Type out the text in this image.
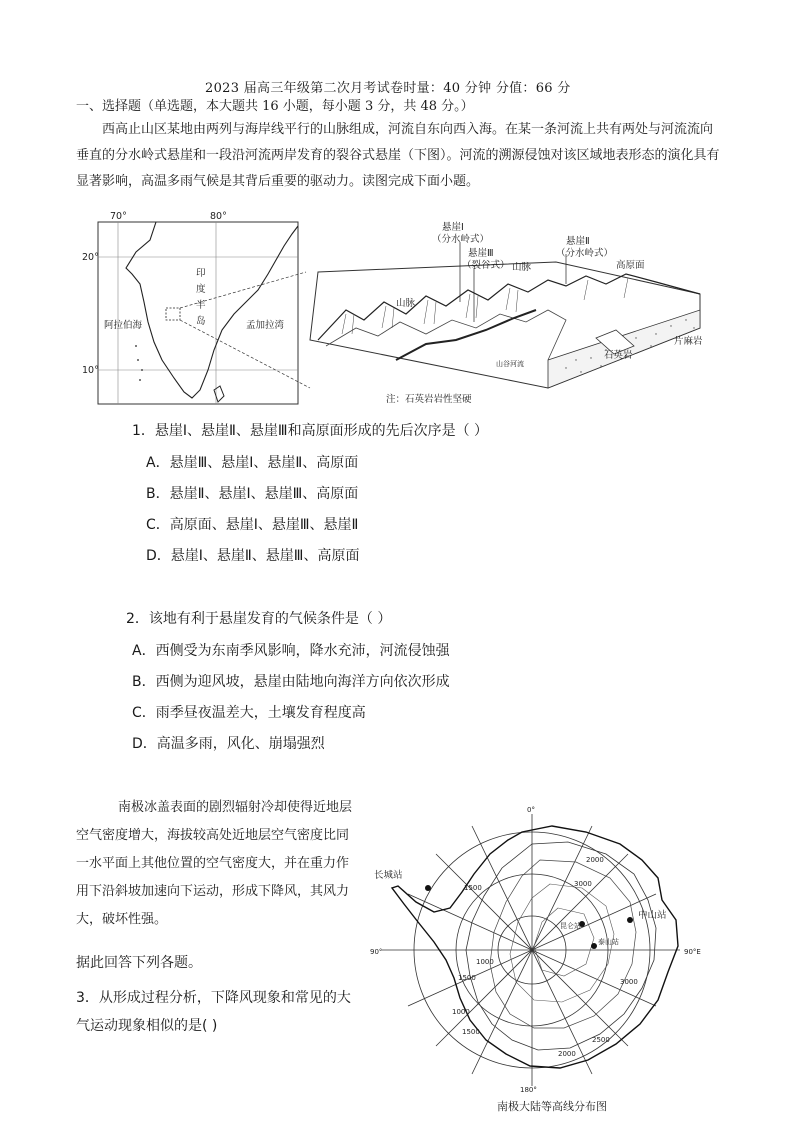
2023 届高三年级第二次月考试卷时量：40 分钟 分值：66 分
一、选择题（单选题，本大题共 16 小题，每小题 3 分，共 48 分。）
西高止山区某地由两列与海岸线平行的山脉组成，河流自东向西入海。在某一条河流上共有两处与河流流向垂直的分水岭式悬崖和一段沿河流两岸发育的裂谷式悬崖（下图）。河流的溯源侵蚀对该区域地表形态的演化具有显著影响，高温多雨气候是其背后重要的驱动力。读图完成下面小题。
70°	80°
20°
10°
印
度
半
岛
阿拉伯海	孟加拉湾
悬崖Ⅰ
（分水岭式）
悬崖Ⅲ
（裂谷式）
悬崖Ⅱ
（分水岭式）
山脉
山脉
高原面
片麻岩
石英岩
山谷河流
注：石英岩岩性坚硬
1．悬崖Ⅰ、悬崖Ⅱ、悬崖Ⅲ和高原面形成的先后次序是（ ）
A．悬崖Ⅲ、悬崖Ⅰ、悬崖Ⅱ、高原面
B．悬崖Ⅱ、悬崖Ⅰ、悬崖Ⅲ、高原面
C．高原面、悬崖Ⅰ、悬崖Ⅲ、悬崖Ⅱ
D．悬崖Ⅰ、悬崖Ⅱ、悬崖Ⅲ、高原面
2．该地有利于悬崖发育的气候条件是（ ）
A．西侧受为东南季风影响，降水充沛，河流侵蚀强
B．西侧为迎风坡，悬崖由陆地向海洋方向依次形成
C．雨季昼夜温差大，土壤发育程度高
D．高温多雨，风化、崩塌强烈
南极冰盖表面的剧烈辐射冷却使得近地层空气密度增大，海拔较高处近地层空气密度比同一水平面上其他位置的空气密度大，并在重力作用下沿斜坡加速向下运动，形成下降风，其风力大，破坏性强。
据此回答下列各题。
3．从形成过程分析，下降风现象和常见的大气运动现象相似的是( )
0°
90°	90°E
180°
长城站
中山站
昆仑站
泰山站
2000
3000
3000
2500
2000
1500
1000
1500
1000
1500
南极大陆等高线分布图
